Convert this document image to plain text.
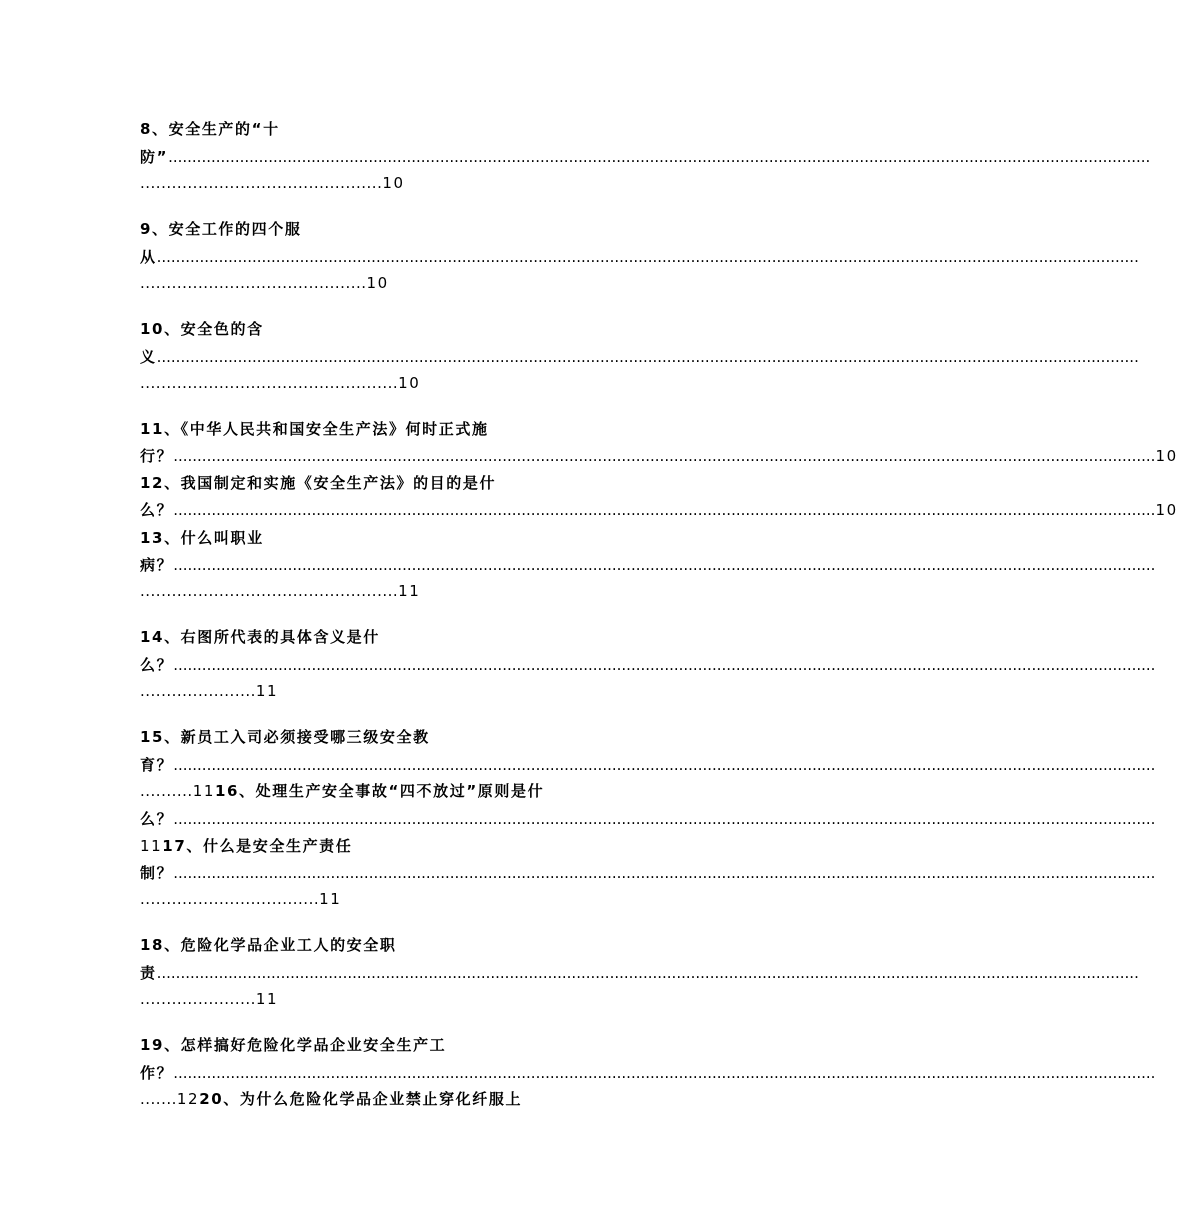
8、安全生产的“十
防” ..............................................................................................................................................................................................................
..............................................10
9、安全工作的四个服
从 ..............................................................................................................................................................................................................
...........................................10
10、安全色的含
义 ..............................................................................................................................................................................................................
.................................................10
11、《中华人民共和国安全生产法》何时正式施
行？ .............................................................................................................................................................................................................. 10
12、我国制定和实施《安全生产法》的目的是什
么？ .............................................................................................................................................................................................................. 10
13、什么叫职业
病？ ..............................................................................................................................................................................................................
.................................................11
14、右图所代表的具体含义是什
么？ ..............................................................................................................................................................................................................
......................11
15、新员工入司必须接受哪三级安全教
育？ ..............................................................................................................................................................................................................
..........1116、处理生产安全事故“四不放过”原则是什
么？ ..............................................................................................................................................................................................................
1117、什么是安全生产责任
制？ ..............................................................................................................................................................................................................
..................................11
18、危险化学品企业工人的安全职
责 ..............................................................................................................................................................................................................
......................11
19、怎样搞好危险化学品企业安全生产工
作？ ..............................................................................................................................................................................................................
.......1220、为什么危险化学品企业禁止穿化纤服上
